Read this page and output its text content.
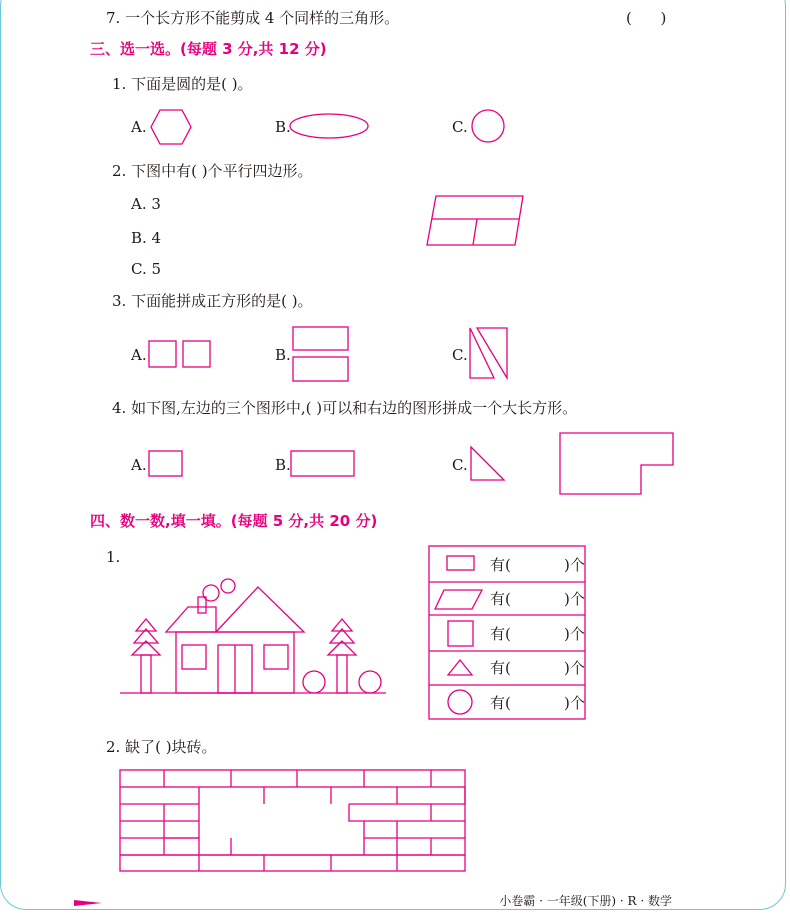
7. 一个长方形不能剪成 4 个同样的三角形。	(      )
三、选一选。(每题 3 分,共 12 分)
1. 下面是圆的是( )。
A.	B.	C.
2. 下图中有( )个平行四边形。
A. 3
B. 4
C. 5
3. 下面能拼成正方形的是( )。
A.	B.	C.
4. 如下图,左边的三个图形中,( )可以和右边的图形拼成一个大长方形。
A.	B.	C.
四、数一数,填一填。(每题 5 分,共 20 分)
1.	有(	)个
有(	)个
有(	)个
有(	)个
有(	)个
2. 缺了( )块砖。
小卷霸 · 一年级(下册) · R · 数学
